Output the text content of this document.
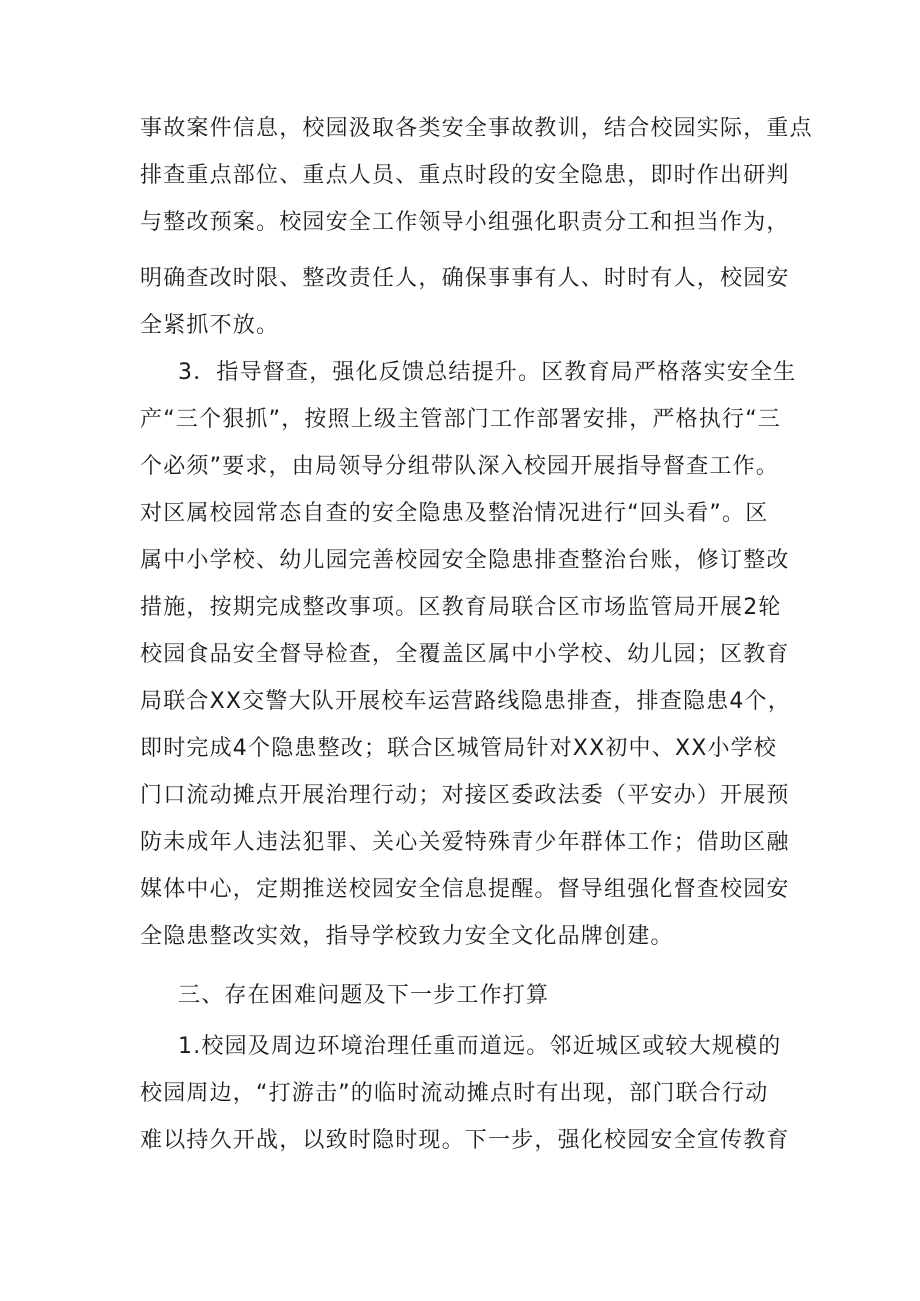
事故案件信息，校园汲取各类安全事故教训，结合校园实际，重点
排查重点部位、重点人员、重点时段的安全隐患，即时作出研判
与整改预案。校园安全工作领导小组强化职责分工和担当作为，
明确查改时限、整改责任人，确保事事有人、时时有人，校园安
全紧抓不放。
3．指导督查，强化反馈总结提升。区教育局严格落实安全生
产“三个狠抓”，按照上级主管部门工作部署安排，严格执行“三
个必须”要求，由局领导分组带队深入校园开展指导督查工作。
对区属校园常态自查的安全隐患及整治情况进行“回头看”。区
属中小学校、幼儿园完善校园安全隐患排查整治台账，修订整改
措施，按期完成整改事项。区教育局联合区市场监管局开展2轮
校园食品安全督导检查，全覆盖区属中小学校、幼儿园；区教育
局联合XX交警大队开展校车运营路线隐患排查，排查隐患4个，
即时完成4个隐患整改；联合区城管局针对XX初中、XX小学校
门口流动摊点开展治理行动；对接区委政法委（平安办）开展预
防未成年人违法犯罪、关心关爱特殊青少年群体工作；借助区融
媒体中心，定期推送校园安全信息提醒。督导组强化督查校园安
全隐患整改实效，指导学校致力安全文化品牌创建。
三、存在困难问题及下一步工作打算
1.校园及周边环境治理任重而道远。邻近城区或较大规模的
校园周边，“打游击”的临时流动摊点时有出现，部门联合行动
难以持久开战，以致时隐时现。下一步，强化校园安全宣传教育
